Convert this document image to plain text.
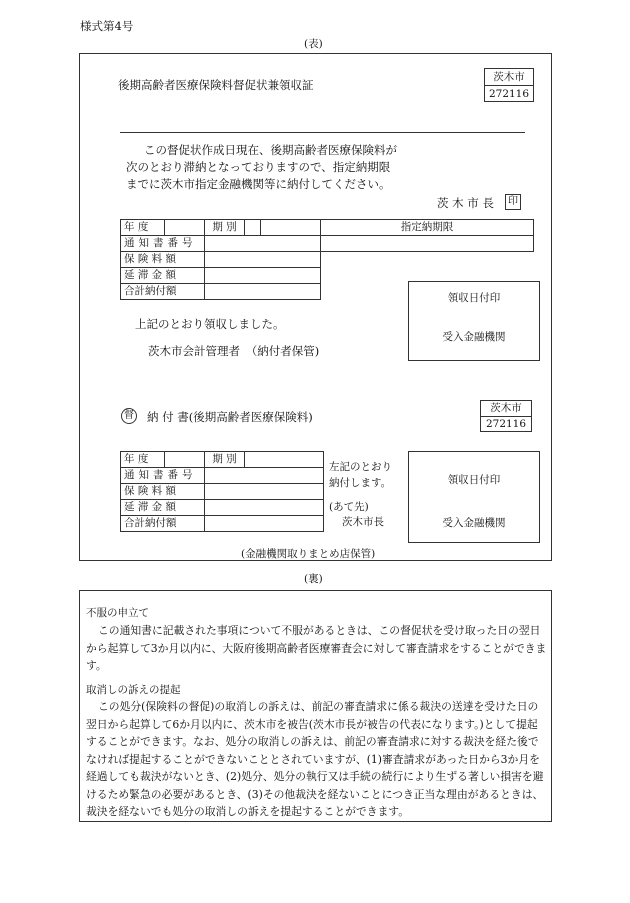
様式第4号
(表)
後期高齢者医療保険料督促状兼領収証
茨木市
272116
この督促状作成日現在、後期高齢者医療保険料が
次のとおり滞納となっておりますので、指定納期限
までに茨木市指定金融機関等に納付してください。
茨 木 市 長	印
年 度		期 別			指定納期限
通知書番号					
保 険 料 額					
延 滞 金 額					
合計納付額					
上記のとおり領収しました。
茨木市会計管理者　（納付者保管)
領収日付印
受入金融機関
督 納 付 書(後期高齢者医療保険料)
茨木市
272116
年 度		期 別	
通知書番号			
保 険 料 額			
延 滞 金 額			
合計納付額			
左記のとおり
納付します。
(あて先)
茨木市長
領収日付印
受入金融機関
(金融機関取りまとめ店保管)
(裏)
不服の申立て
この通知書に記載された事項について不服があるときは、この督促状を受け取った日の翌日から起算して3か月以内に、大阪府後期高齢者医療審査会に対して審査請求をすることができます。
取消しの訴えの提起
この処分(保険料の督促)の取消しの訴えは、前記の審査請求に係る裁決の送達を受けた日の翌日から起算して6か月以内に、茨木市を被告(茨木市長が被告の代表になります。)として提起することができます。なお、処分の取消しの訴えは、前記の審査請求に対する裁決を経た後でなければ提起することができないこととされていますが、(1)審査請求があった日から3か月を経過しても裁決がないとき、(2)処分、処分の執行又は手続の続行により生ずる著しい損害を避けるため緊急の必要があるとき、(3)その他裁決を経ないことにつき正当な理由があるときは、裁決を経ないでも処分の取消しの訴えを提起することができます。
